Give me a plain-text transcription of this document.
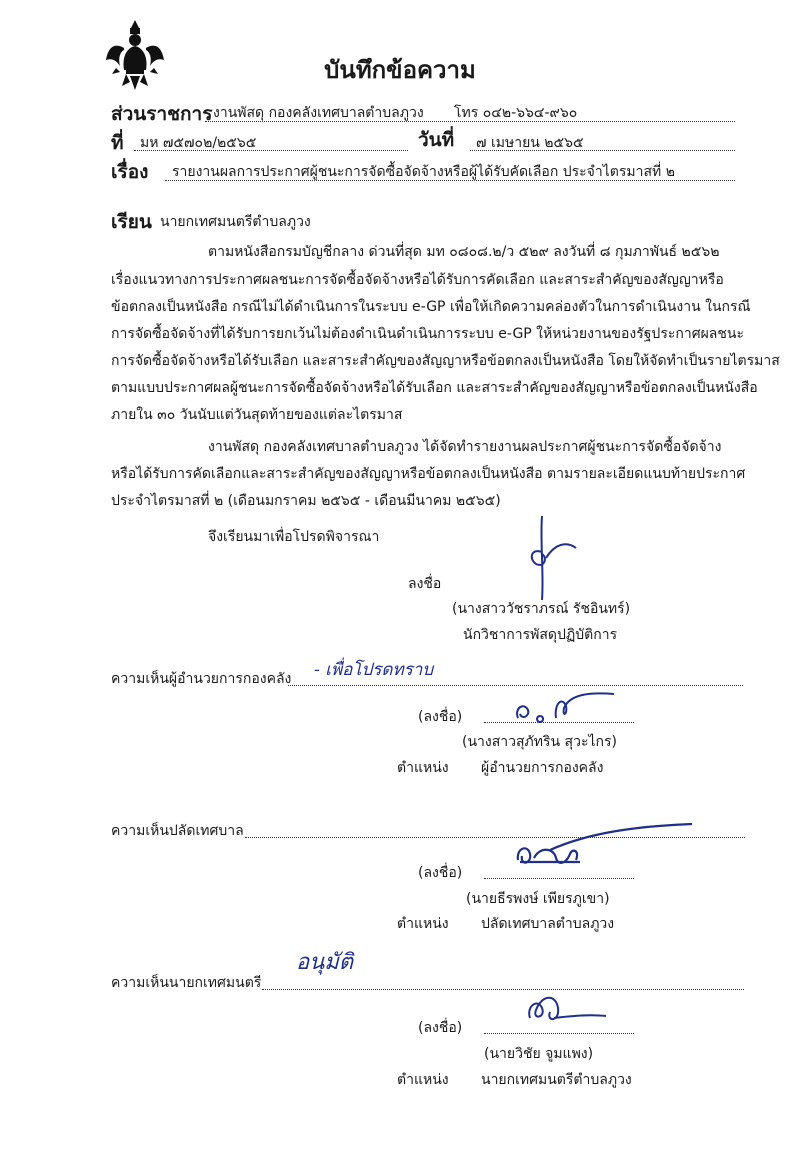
บันทึกข้อความ
ส่วนราชการ งานพัสดุ กองคลังเทศบาลตำบลภูวง โทร ๐๔๒-๖๖๔-๙๖๐
ที่ มห ๗๕๗๐๒/๒๕๖๕	วันที่ ๗ เมษายน ๒๕๖๕
เรื่อง รายงานผลการประกาศผู้ชนะการจัดซื้อจัดจ้างหรือผู้ได้รับคัดเลือก ประจำไตรมาสที่ ๒
เรียน นายกเทศมนตรีตำบลภูวง
ตามหนังสือกรมบัญชีกลาง ด่วนที่สุด มท ๐๘๐๘.๒/ว ๕๒๙ ลงวันที่ ๘ กุมภาพันธ์ ๒๕๖๒
เรื่องแนวทางการประกาศผลชนะการจัดซื้อจัดจ้างหรือได้รับการคัดเลือก และสาระสำคัญของสัญญาหรือ
ข้อตกลงเป็นหนังสือ กรณีไม่ได้ดำเนินการในระบบ e-GP เพื่อให้เกิดความคล่องตัวในการดำเนินงาน ในกรณี
การจัดซื้อจัดจ้างที่ได้รับการยกเว้นไม่ต้องดำเนินดำเนินการระบบ e-GP ให้หน่วยงานของรัฐประกาศผลชนะ
การจัดซื้อจัดจ้างหรือได้รับเลือก และสาระสำคัญของสัญญาหรือข้อตกลงเป็นหนังสือ โดยให้จัดทำเป็นรายไตรมาส
ตามแบบประกาศผลผู้ชนะการจัดซื้อจัดจ้างหรือได้รับเลือก และสาระสำคัญของสัญญาหรือข้อตกลงเป็นหนังสือ
ภายใน ๓๐ วันนับแต่วันสุดท้ายของแต่ละไตรมาส
งานพัสดุ กองคลังเทศบาลตำบลภูวง ได้จัดทำรายงานผลประกาศผู้ชนะการจัดซื้อจัดจ้าง
หรือได้รับการคัดเลือกและสาระสำคัญของสัญญาหรือข้อตกลงเป็นหนังสือ ตามรายละเอียดแนบท้ายประกาศ
ประจำไตรมาสที่ ๒ (เดือนมกราคม ๒๕๖๕ - เดือนมีนาคม ๒๕๖๕)
จึงเรียนมาเพื่อโปรดพิจารณา
ลงชื่อ
(นางสาววัชราภรณ์ รัชอินทร์)
นักวิชาการพัสดุปฏิบัติการ
ความเห็นผู้อำนวยการกองคลัง - เพื่อโปรดทราบ
(ลงชื่อ)
(นางสาวสุภัทริน สุวะไกร)
ตำแหน่ง ผู้อำนวยการกองคลัง
ความเห็นปลัดเทศบาล
(ลงชื่อ)
(นายธีรพงษ์ เพียรภูเขา)
ตำแหน่ง ปลัดเทศบาลตำบลภูวง
ความเห็นนายกเทศมนตรี
อนุมัติ
(ลงชื่อ)
(นายวิชัย จูมแพง)
ตำแหน่ง นายกเทศมนตรีตำบลภูวง
